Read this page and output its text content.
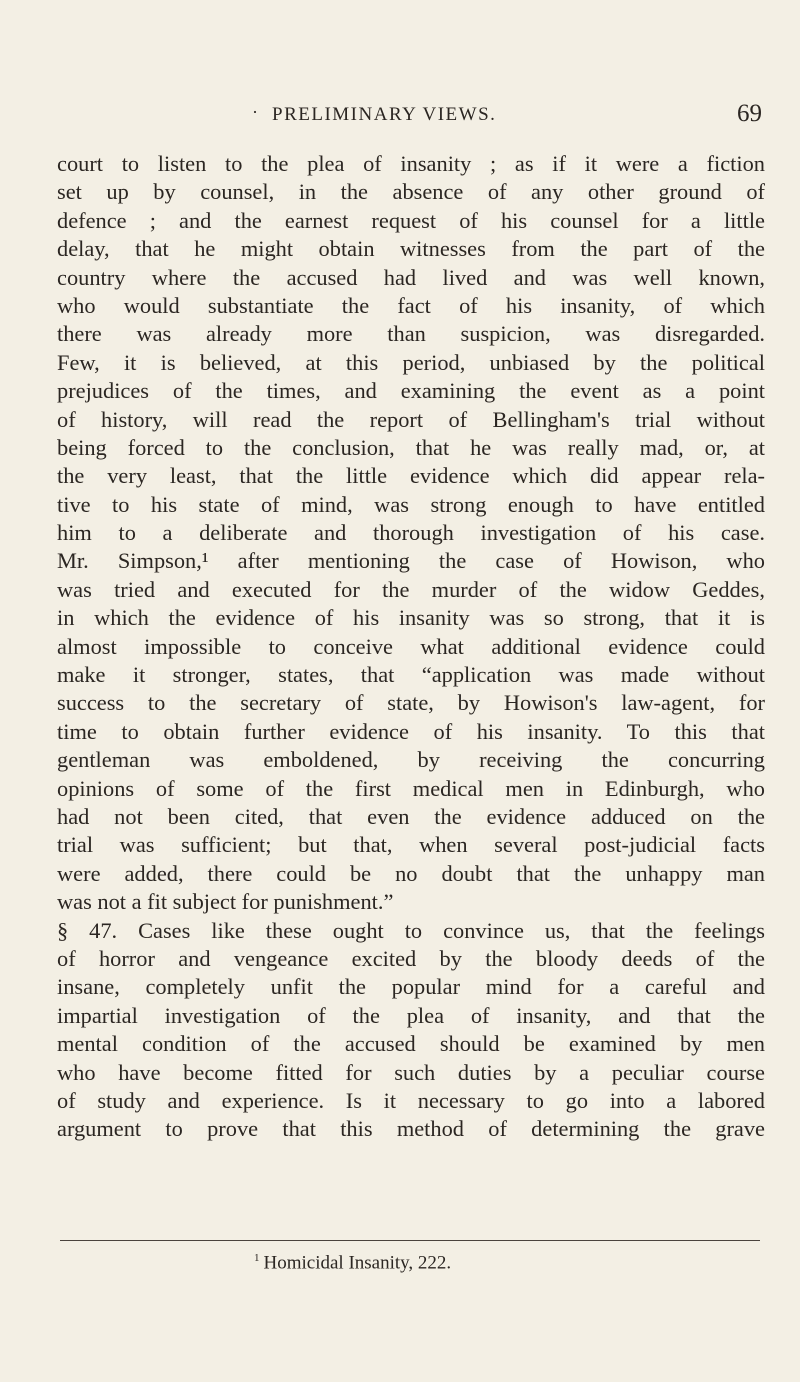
· PRELIMINARY VIEWS.	69
court to listen to the plea of insanity ; as if it were a fiction
set up by counsel, in the absence of any other ground of
defence ; and the earnest request of his counsel for a little
delay, that he might obtain witnesses from the part of the
country where the accused had lived and was well known,
who would substantiate the fact of his insanity, of which
there was already more than suspicion, was disregarded.
Few, it is believed, at this period, unbiased by the political
prejudices of the times, and examining the event as a point
of history, will read the report of Bellingham's trial without
being forced to the conclusion, that he was really mad, or, at
the very least, that the little evidence which did appear rela-
tive to his state of mind, was strong enough to have entitled
him to a deliberate and thorough investigation of his case.
Mr. Simpson,¹ after mentioning the case of Howison, who
was tried and executed for the murder of the widow Geddes,
in which the evidence of his insanity was so strong, that it is
almost impossible to conceive what additional evidence could
make it stronger, states, that “application was made without
success to the secretary of state, by Howison's law-agent, for
time to obtain further evidence of his insanity. To this that
gentleman was emboldened, by receiving the concurring
opinions of some of the first medical men in Edinburgh, who
had not been cited, that even the evidence adduced on the
trial was sufficient; but that, when several post-judicial facts
were added, there could be no doubt that the unhappy man
was not a fit subject for punishment.”
§ 47. Cases like these ought to convince us, that the feelings
of horror and vengeance excited by the bloody deeds of the
insane, completely unfit the popular mind for a careful and
impartial investigation of the plea of insanity, and that the
mental condition of the accused should be examined by men
who have become fitted for such duties by a peculiar course
of study and experience. Is it necessary to go into a labored
argument to prove that this method of determining the grave
$^1$ Homicidal Insanity, 222.
